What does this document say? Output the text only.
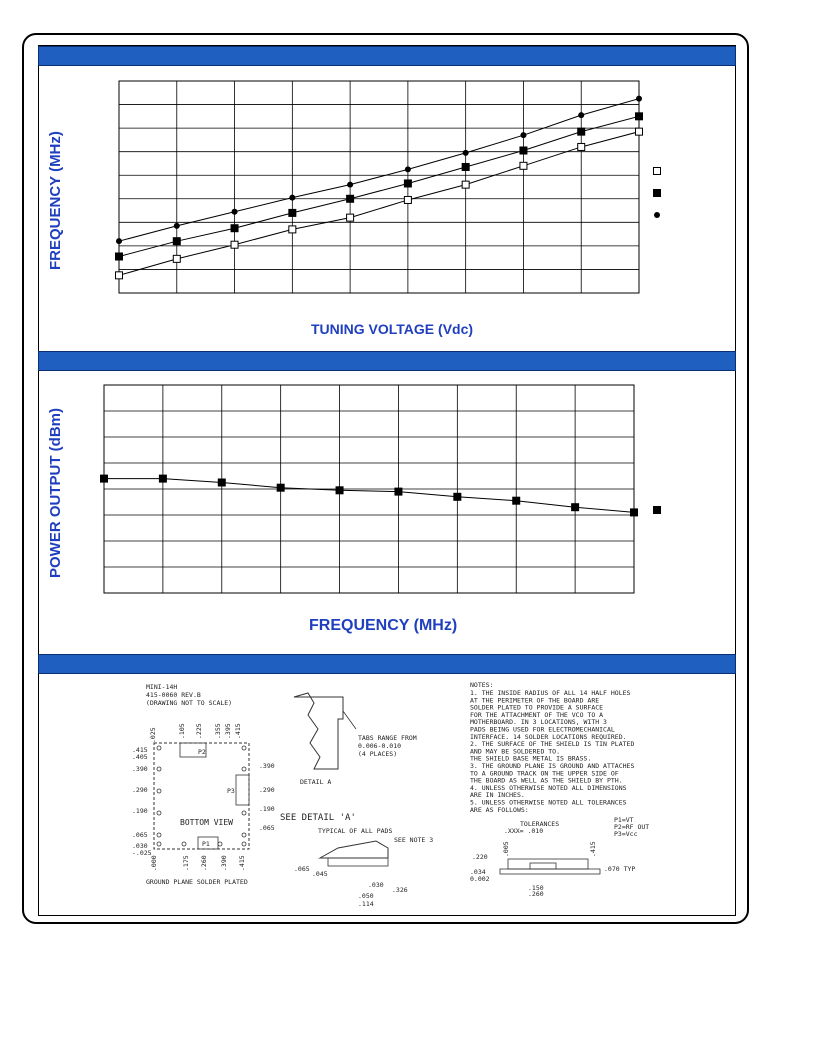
FREQUENCY (MHz)
TUNING VOLTAGE (Vdc)
POWER OUTPUT (dBm)
FREQUENCY (MHz)
MINI-14H
415-0060 REV.B
(DRAWING NOT TO SCALE)
.025	.105 .225 .355 .395 .415
.415
.405
.390
.290
.190
.065
.030
-.025
P2
P3
P1
BOTTOM VIEW
.390
.290
.190
.065
SEE DETAIL 'A'
.000	.175 .260 .390 .415
GROUND PLANE SOLDER PLATED
TABS RANGE FROM
0.006-0.010
(4 PLACES)
DETAIL A
TYPICAL OF ALL PADS
SEE NOTE 3
.065
.045
.030
.326
.050
.114
NOTES:
1. THE INSIDE RADIUS OF ALL 14 HALF HOLES
AT THE PERIMETER OF THE BOARD ARE
SOLDER PLATED TO PROVIDE A SURFACE
FOR THE ATTACHMENT OF THE VCO TO A
MOTHERBOARD. IN 3 LOCATIONS, WITH 3
PADS BEING USED FOR ELECTROMECHANICAL
INTERFACE. 14 SOLDER LOCATIONS REQUIRED.
2. THE SURFACE OF THE SHIELD IS TIN PLATED
AND MAY BE SOLDERED TO.
THE SHIELD BASE METAL IS BRASS.
3. THE GROUND PLANE IS GROUND AND ATTACHES
TO A GROUND TRACK ON THE UPPER SIDE OF
THE BOARD AS WELL AS THE SHIELD BY PTH.
4. UNLESS OTHERWISE NOTED ALL DIMENSIONS
ARE IN INCHES.
5. UNLESS OTHERWISE NOTED ALL TOLERANCES
ARE AS FOLLOWS:
TOLERANCES
.XXX= .010
P1=VT
P2=RF OUT
P3=Vcc
.005	.415
.220
.034
0.002
.070 TYP
.150
.260
